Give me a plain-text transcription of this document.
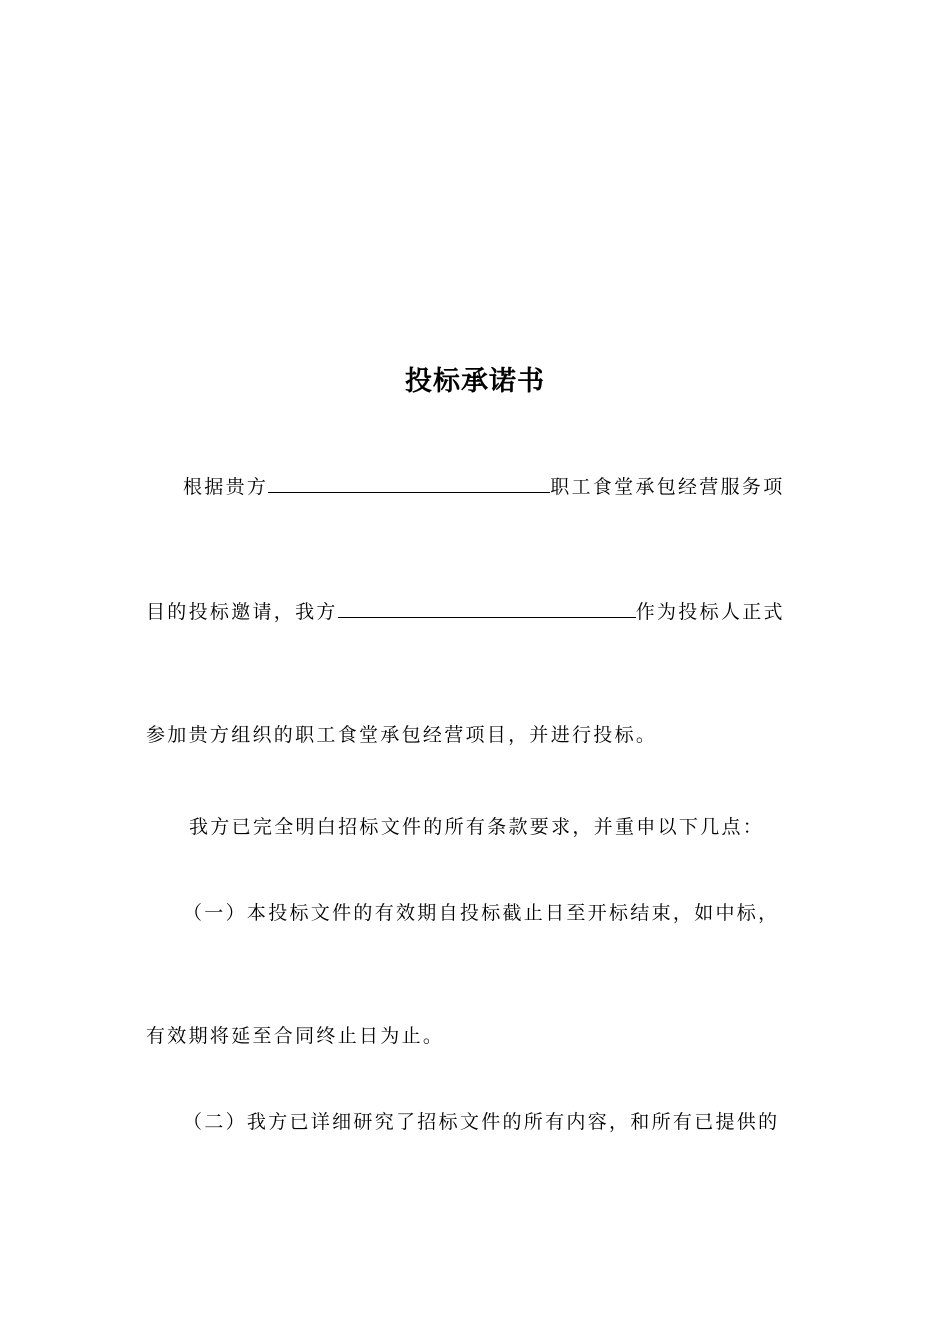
投标承诺书
根据贵方	职工食堂承包经营服务项
目的投标邀请，我方	作为投标人正式
参加贵方组织的职工食堂承包经营项目，并进行投标。
我方已完全明白招标文件的所有条款要求，并重申以下几点：
（一）本投标文件的有效期自投标截止日至开标结束，如中标，
有效期将延至合同终止日为止。
（二）我方已详细研究了招标文件的所有内容，和所有已提供的
